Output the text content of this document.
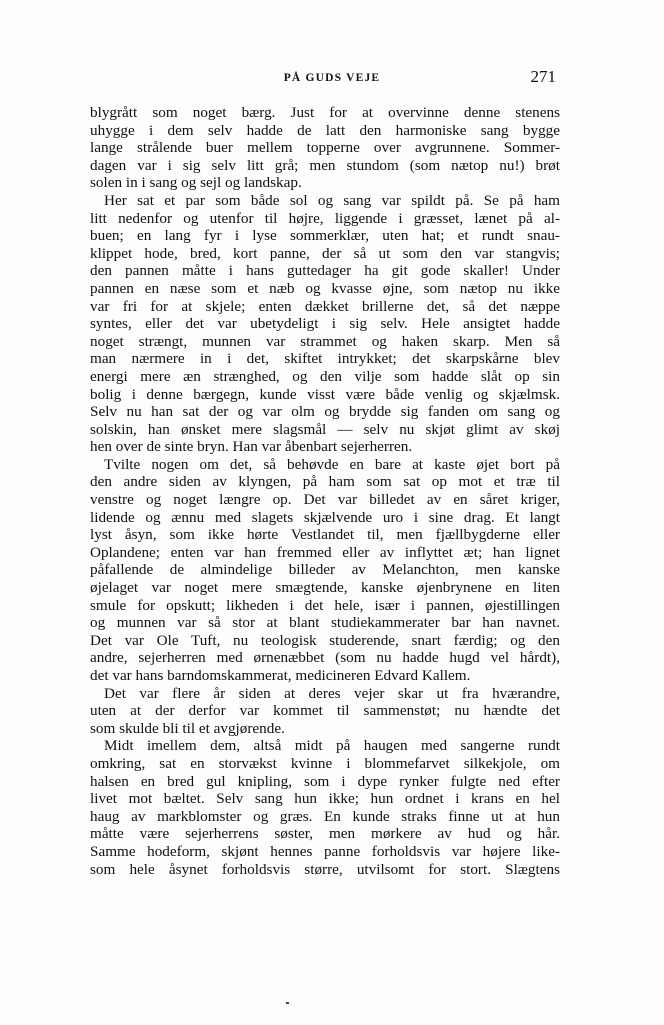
PÅ GUDS VEJE	271
blygrått som noget bærg. Just for at overvinne denne stenens
uhygge i dem selv hadde de latt den harmoniske sang bygge
lange strålende buer mellem topperne over avgrunnene. Sommer-
dagen var i sig selv litt grå; men stundom (som nætop nu!) brøt
solen in i sang og sejl og landskap.
Her sat et par som både sol og sang var spildt på. Se på ham
litt nedenfor og utenfor til højre, liggende i græsset, lænet på al-
buen; en lang fyr i lyse sommerklær, uten hat; et rundt snau-
klippet hode, bred, kort panne, der så ut som den var stangvis;
den pannen måtte i hans guttedager ha git gode skaller! Under
pannen en næse som et næb og kvasse øjne, som nætop nu ikke
var fri for at skjele; enten dækket brillerne det, så det næppe
syntes, eller det var ubetydeligt i sig selv. Hele ansigtet hadde
noget strængt, munnen var strammet og haken skarp. Men så
man nærmere in i det, skiftet intrykket; det skarpskårne blev
energi mere æn strænghed, og den vilje som hadde slåt op sin
bolig i denne bærgegn, kunde visst være både venlig og skjælmsk.
Selv nu han sat der og var olm og brydde sig fanden om sang og
solskin, han ønsket mere slagsmål — selv nu skjøt glimt av skøj
hen over de sinte bryn. Han var åbenbart sejerherren.
Tvilte nogen om det, så behøvde en bare at kaste øjet bort på
den andre siden av klyngen, på ham som sat op mot et træ til
venstre og noget længre op. Det var billedet av en såret kriger,
lidende og ænnu med slagets skjælvende uro i sine drag. Et langt
lyst åsyn, som ikke hørte Vestlandet til, men fjællbygderne eller
Oplandene; enten var han fremmed eller av inflyttet æt; han lignet
påfallende de almindelige billeder av Melanchton, men kanske
øjelaget var noget mere smægtende, kanske øjenbrynene en liten
smule for opskutt; likheden i det hele, især i pannen, øjestillingen
og munnen var så stor at blant studiekammerater bar han navnet.
Det var Ole Tuft, nu teologisk studerende, snart færdig; og den
andre, sejerherren med ørnenæbbet (som nu hadde hugd vel hårdt),
det var hans barndomskammerat, medicineren Edvard Kallem.
Det var flere år siden at deres vejer skar ut fra hværandre,
uten at der derfor var kommet til sammenstøt; nu hændte det
som skulde bli til et avgjørende.
Midt imellem dem, altså midt på haugen med sangerne rundt
omkring, sat en storvækst kvinne i blommefarvet silkekjole, om
halsen en bred gul knipling, som i dype rynker fulgte ned efter
livet mot bæltet. Selv sang hun ikke; hun ordnet i krans en hel
haug av markblomster og græs. En kunde straks finne ut at hun
måtte være sejerherrens søster, men mørkere av hud og hår.
Samme hodeform, skjønt hennes panne forholdsvis var højere like-
som hele åsynet forholdsvis større, utvilsomt for stort. Slægtens
